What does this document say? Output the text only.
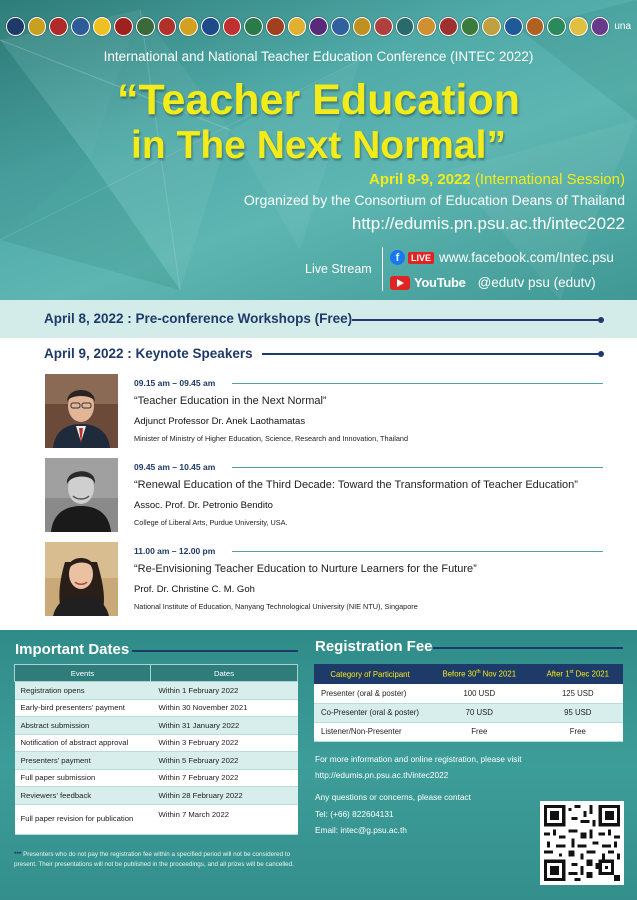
una
International and National Teacher Education Conference (INTEC 2022)
“Teacher Education
in The Next Normal”
April 8-9, 2022 (International Session)
Organized by the Consortium of Education Deans of Thailand
http://edumis.pn.psu.ac.th/intec2022
Live Stream
f	LIVE www.facebook.com/Intec.psu
YouTube @edutv psu (edutv)
April 8, 2022 : Pre-conference Workshops (Free)
April 9, 2022 : Keynote Speakers
09.15 am – 09.45 am
“Teacher Education in the Next Normal”
Adjunct Professor Dr. Anek Laothamatas
Minister of Ministry of Higher Education, Science, Research and Innovation, Thailand
09.45 am – 10.45 am
“Renewal Education of the Third Decade: Toward the Transformation of Teacher Education”
Assoc. Prof. Dr. Petronio Bendito
College of Liberal Arts, Purdue University, USA.
11.00 am – 12.00 pm
“Re-Envisioning Teacher Education to Nurture Learners for the Future”
Prof. Dr. Christine C. M. Goh
National Institute of Education, Nanyang Technological University (NIE NTU), Singapore
Important Dates
Events	Dates
Registration opens	Within 1 February 2022
Early-bird presenters’ payment	Within 30 November 2021
Abstract submission	Within 31 January 2022
Notification of abstract approval	Within 3 February 2022
Presenters’ payment	Within 5 February 2022
Full paper submission	Within 7 February 2022
Reviewers’ feedback	Within 28 February 2022
Full paper revision for publication	Within 7 March 2022
*** Presenters who do not pay the registration fee within a specified period will not be considered to present. Their presentations will not be published in the proceedings, and all prizes will be cancelled.
Registration Fee
Category of Participant	Before 30th Nov 2021	After 1st Dec 2021
Presenter (oral & poster)	100 USD	125 USD
Co-Presenter (oral & poster)	70 USD	95 USD
Listener/Non-Presenter	Free	Free
For more information and online registration, please visit
http://edumis.pn.psu.ac.th/intec2022
Any questions or concerns, please contact
Tel: (+66) 822604131
Email: intec@g.psu.ac.th
